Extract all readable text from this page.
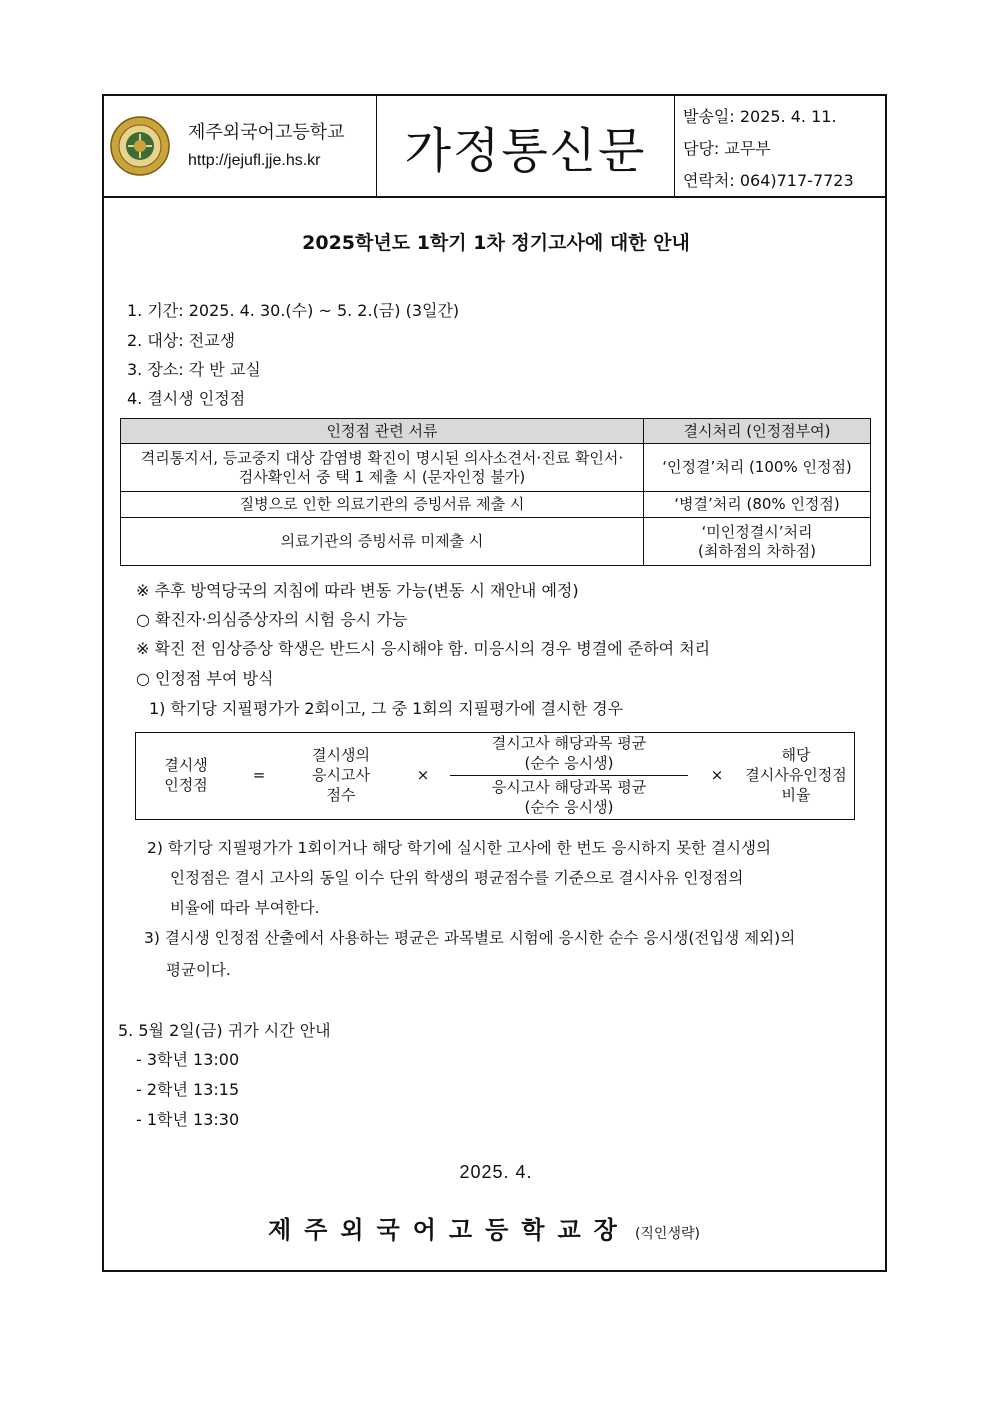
제주외국어고등학교
http://jejufl.jje.hs.kr	가정통신문
발송일: 2025. 4. 11.
담당: 교무부
연락처: 064)717-7723
2025학년도 1학기 1차 정기고사에 대한 안내
1. 기간: 2025. 4. 30.(수) ~ 5. 2.(금) (3일간)
2. 대상: 전교생
3. 장소: 각 반 교실
4. 결시생 인정점
인정점 관련 서류	결시처리 (인정점부여)

격리통지서, 등교중지 대상 감염병 확진이 명시된 의사소견서·진료 확인서·
검사확인서 중 택 1 제출 시 (문자인정 불가)	‘인정결’처리 (100% 인정점)
질병으로 인한 의료기관의 증빙서류 제출 시	‘병결’처리 (80% 인정점)
의료기관의 증빙서류 미제출 시	‘미인정결시’처리
(최하점의 차하점)
※ 추후 방역당국의 지침에 따라 변동 가능(변동 시 재안내 예정)
○ 확진자·의심증상자의 시험 응시 가능
※ 확진 전 임상증상 학생은 반드시 응시해야 함. 미응시의 경우 병결에 준하여 처리
○ 인정점 부여 방식
1) 학기당 지필평가가 2회이고, 그 중 1회의 지필평가에 결시한 경우
결시생
인정점
=
결시생의
응시고사
점수
×
결시고사 해당과목 평균
(순수 응시생)
응시고사 해당과목 평균
(순수 응시생)
×
해당
결시사유인정점
비율
2) 학기당 지필평가가 1회이거나 해당 학기에 실시한 고사에 한 번도 응시하지 못한 결시생의
인정점은 결시 고사의 동일 이수 단위 학생의 평균점수를 기준으로 결시사유 인정점의
비율에 따라 부여한다.
3) 결시생 인정점 산출에서 사용하는 평균은 과목별로 시험에 응시한 순수 응시생(전입생 제외)의
평균이다.
5. 5월 2일(금) 귀가 시간 안내
- 3학년 13:00
- 2학년 13:15
- 1학년 13:30
2025. 4.
제주외국어고등학교장 (직인생략)
